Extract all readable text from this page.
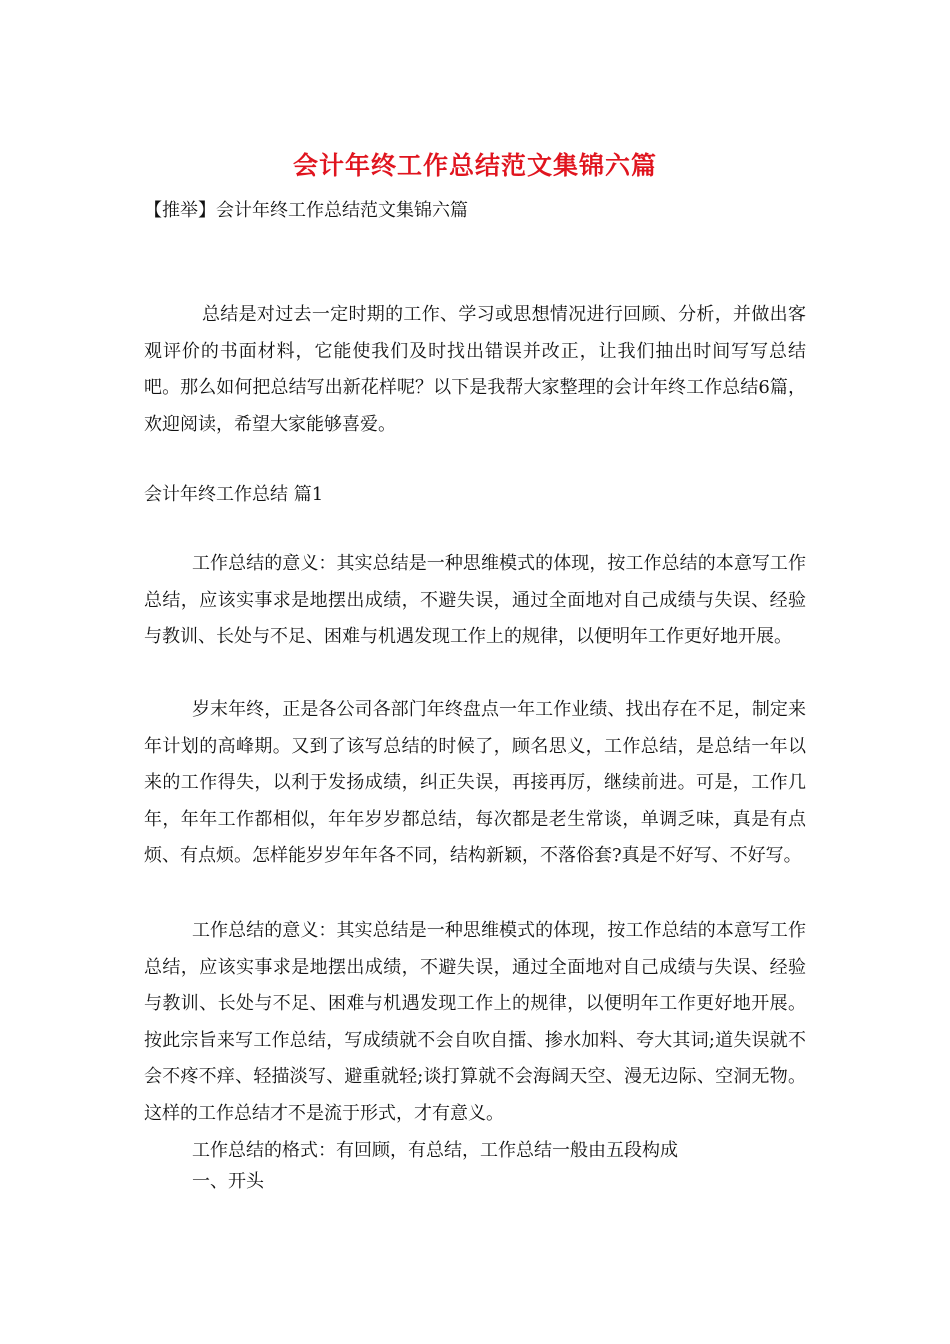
会计年终工作总结范文集锦六篇
【推举】会计年终工作总结范文集锦六篇

总结是对过去一定时期的工作、学习或思想情况进行回顾、分析，并做出客观评价的书面材料，它能使我们及时找出错误并改正，让我们抽出时间写写总结吧。那么如何把总结写出新花样呢？以下是我帮大家整理的会计年终工作总结6篇，欢迎阅读，希望大家能够喜爱。

会计年终工作总结 篇1

工作总结的意义：其实总结是一种思维模式的体现，按工作总结的本意写工作总结，应该实事求是地摆出成绩，不避失误，通过全面地对自己成绩与失误、经验与教训、长处与不足、困难与机遇发现工作上的规律，以便明年工作更好地开展。

岁末年终，正是各公司各部门年终盘点一年工作业绩、找出存在不足，制定来年计划的高峰期。又到了该写总结的时候了，顾名思义，工作总结，是总结一年以来的工作得失，以利于发扬成绩，纠正失误，再接再厉，继续前进。可是，工作几年，年年工作都相似，年年岁岁都总结，每次都是老生常谈，单调乏味，真是有点烦、有点烦。怎样能岁岁年年各不同，结构新颖，不落俗套?真是不好写、不好写。

工作总结的意义：其实总结是一种思维模式的体现，按工作总结的本意写工作总结，应该实事求是地摆出成绩，不避失误，通过全面地对自己成绩与失误、经验与教训、长处与不足、困难与机遇发现工作上的规律，以便明年工作更好地开展。按此宗旨来写工作总结，写成绩就不会自吹自擂、掺水加料、夸大其词;道失误就不会不疼不痒、轻描淡写、避重就轻;谈打算就不会海阔天空、漫无边际、空洞无物。这样的工作总结才不是流于形式，才有意义。

工作总结的格式：有回顾，有总结，工作总结一般由五段构成

一、开头
